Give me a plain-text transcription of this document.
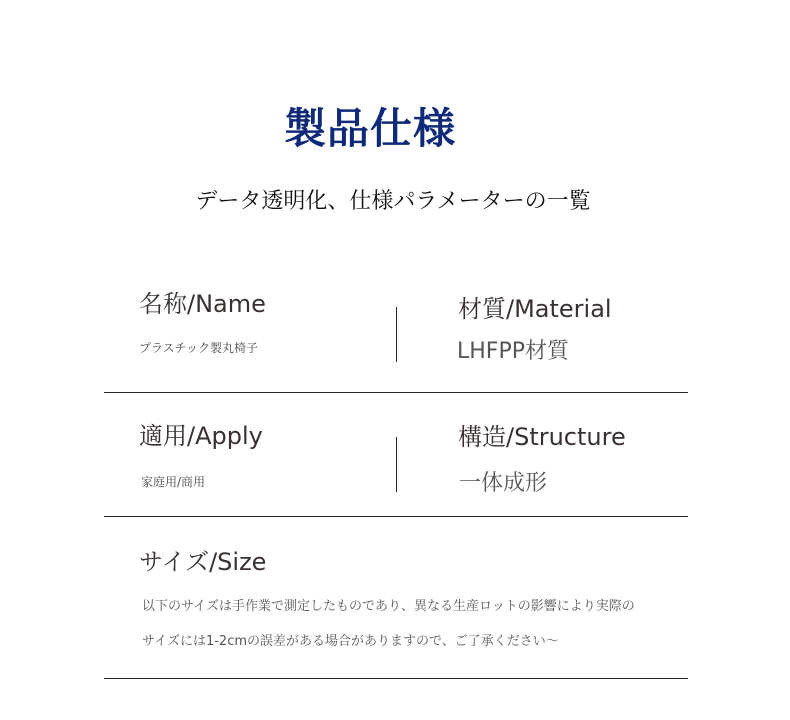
製品仕様
データ透明化、仕様パラメーターの一覧
名称/Name
プラスチック製丸椅子
材質/Material
LHFPP材質
適用/Apply
家庭用/商用
構造/Structure
一体成形
サイズ/Size
以下のサイズは手作業で測定したものであり、異なる生産ロットの影響により実際の
サイズには1-2cmの誤差がある場合がありますので、ご了承ください～
